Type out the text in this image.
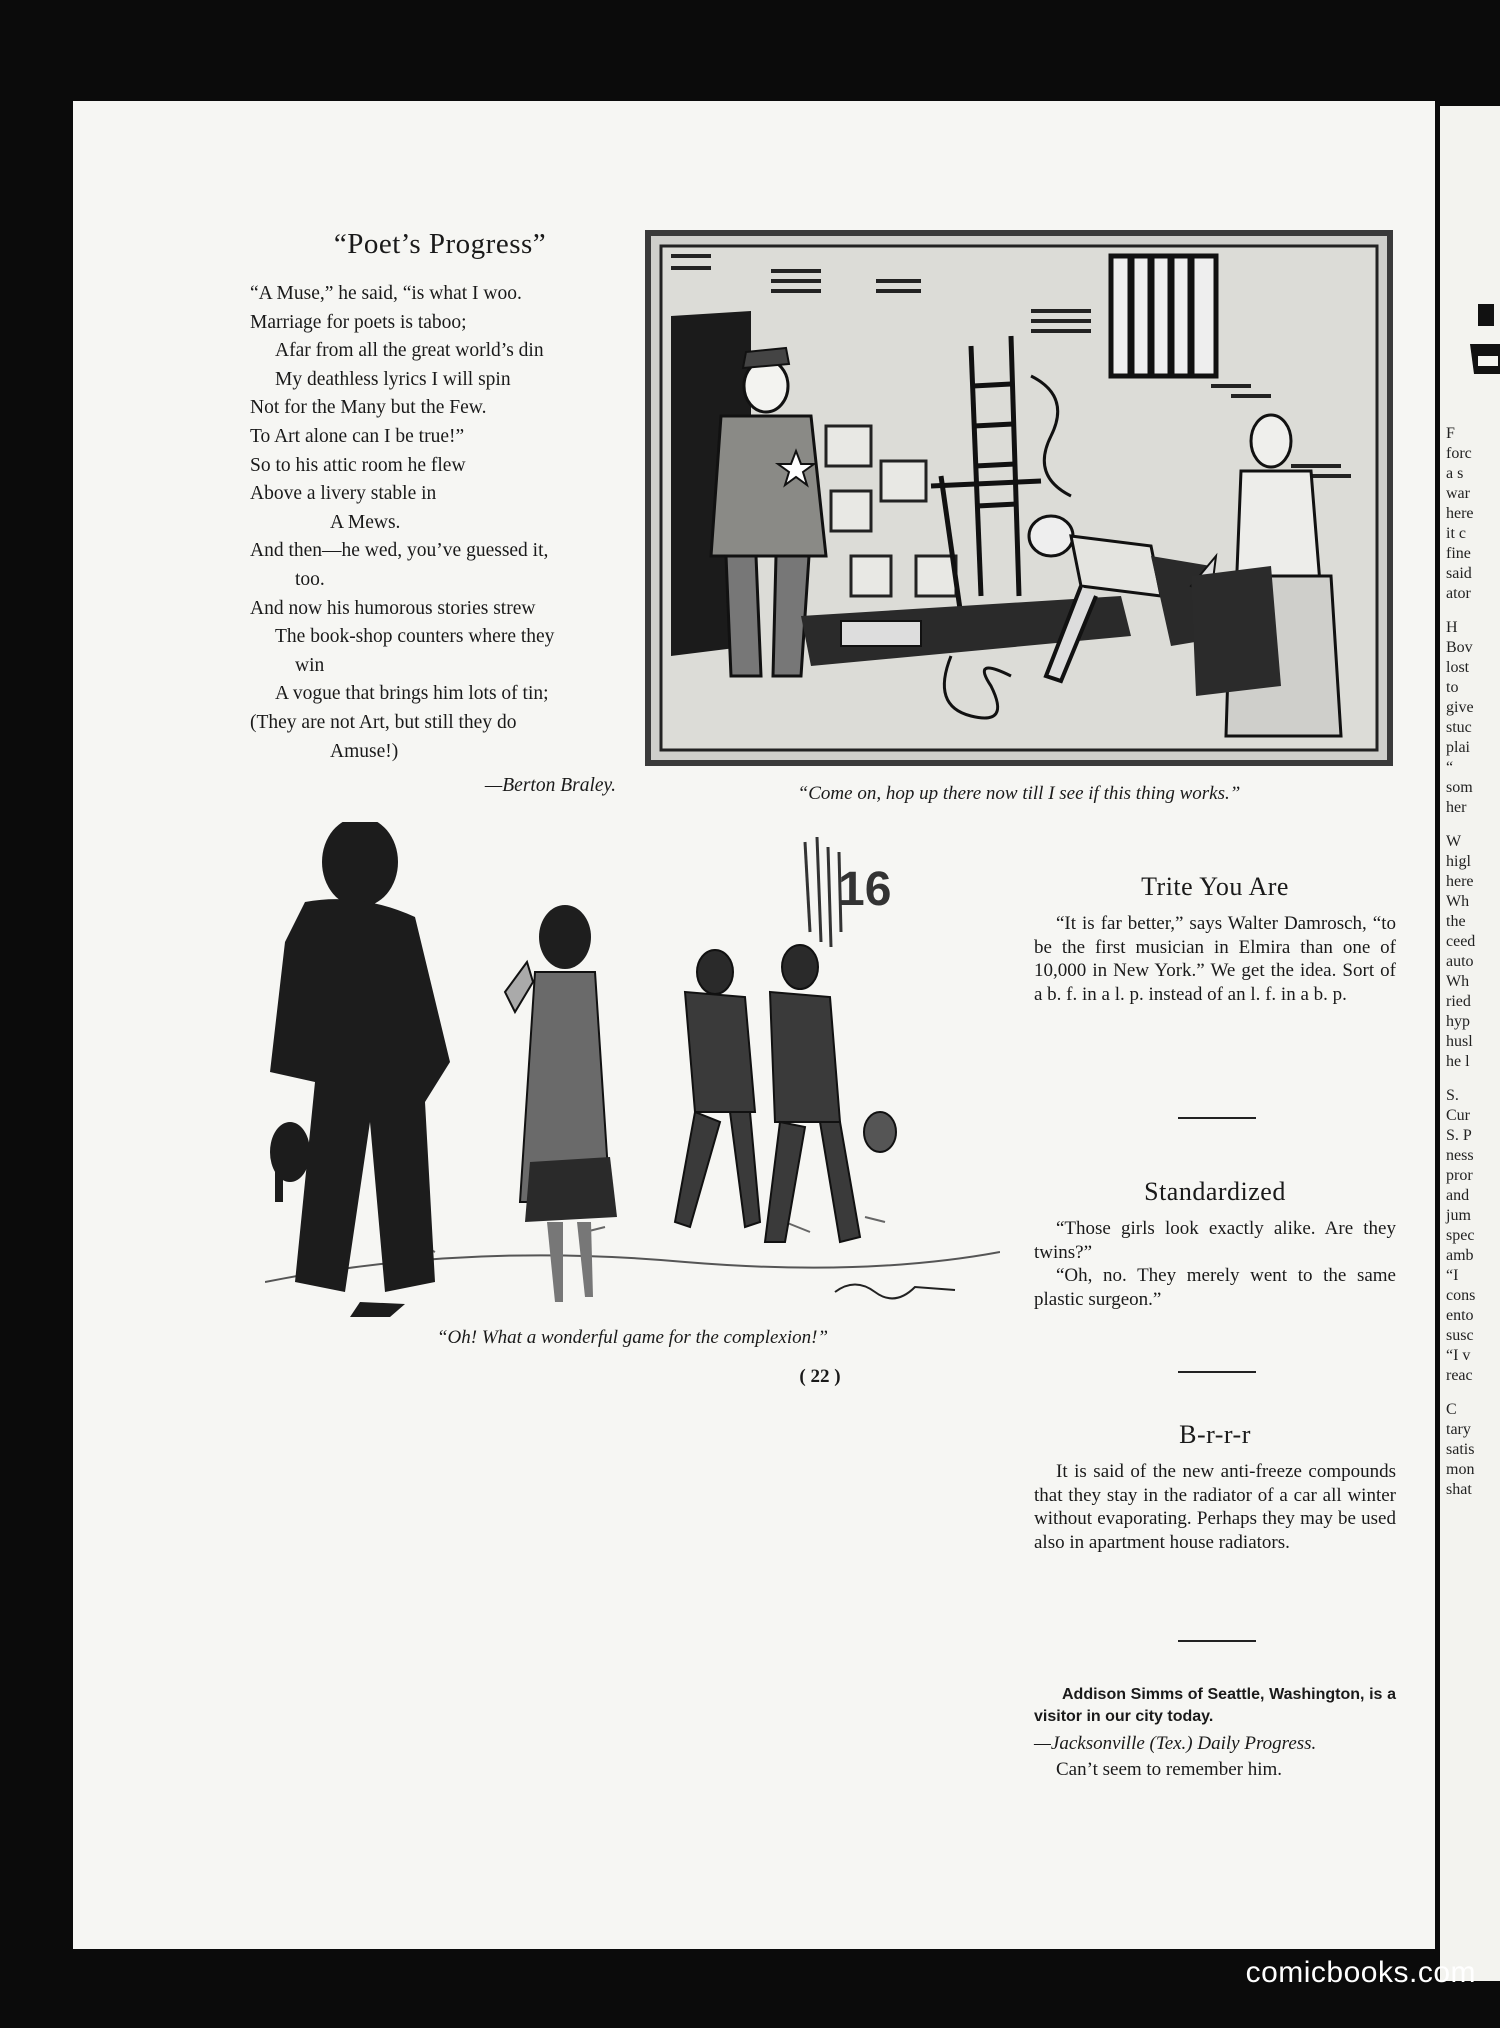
“Poet’s Progress”
“A Muse,” he said, “is what I woo.
Marriage for poets is taboo;
Afar from all the great world’s din
My deathless lyrics I will spin
Not for the Many but the Few.
To Art alone can I be true!”
So to his attic room he flew
Above a livery stable in
A Mews.
And then—he wed, you’ve guessed it,
too.
And now his humorous stories strew
The book-shop counters where they
win
A vogue that brings him lots of tin;
(They are not Art, but still they do
Amuse!)
—Berton Braley.	“Come on, hop up there now till I see if this thing works.”
16
“Oh! What a wonderful game for the complexion!”
( 22 )
Trite You Are
“It is far better,” says Walter Damrosch, “to be the first musician in Elmira than one of 10,000 in New York.” We get the idea. Sort of a b. f. in a l. p. instead of an l. f. in a b. p.
Standardized

“Those girls look exactly alike. Are they twins?”

“Oh, no. They merely went to the same plastic surgeon.”

B-r-r-r
It is said of the new anti-freeze compounds that they stay in the radiator of a car all winter without evaporating. Perhaps they may be used also in apartment house radiators.
Addison Simms of Seattle, Washington, is a visitor in our city today.
—Jacksonville (Tex.) Daily Progress.
Can’t seem to remember him.
F
forc
a s
war
here
it c
fine
said
ator
H
Bov
lost
to
give
stuc
plai
“
som
her
W
higl
here
Wh
the
ceed
auto
Wh
ried
hyp
husl
he l
S.
Cur
S. P
ness
pror
and
jum
spec
amb
“I
cons
ento
susc
“I v
reac
C
tary
satis
mon
shat
comicbooks.com
